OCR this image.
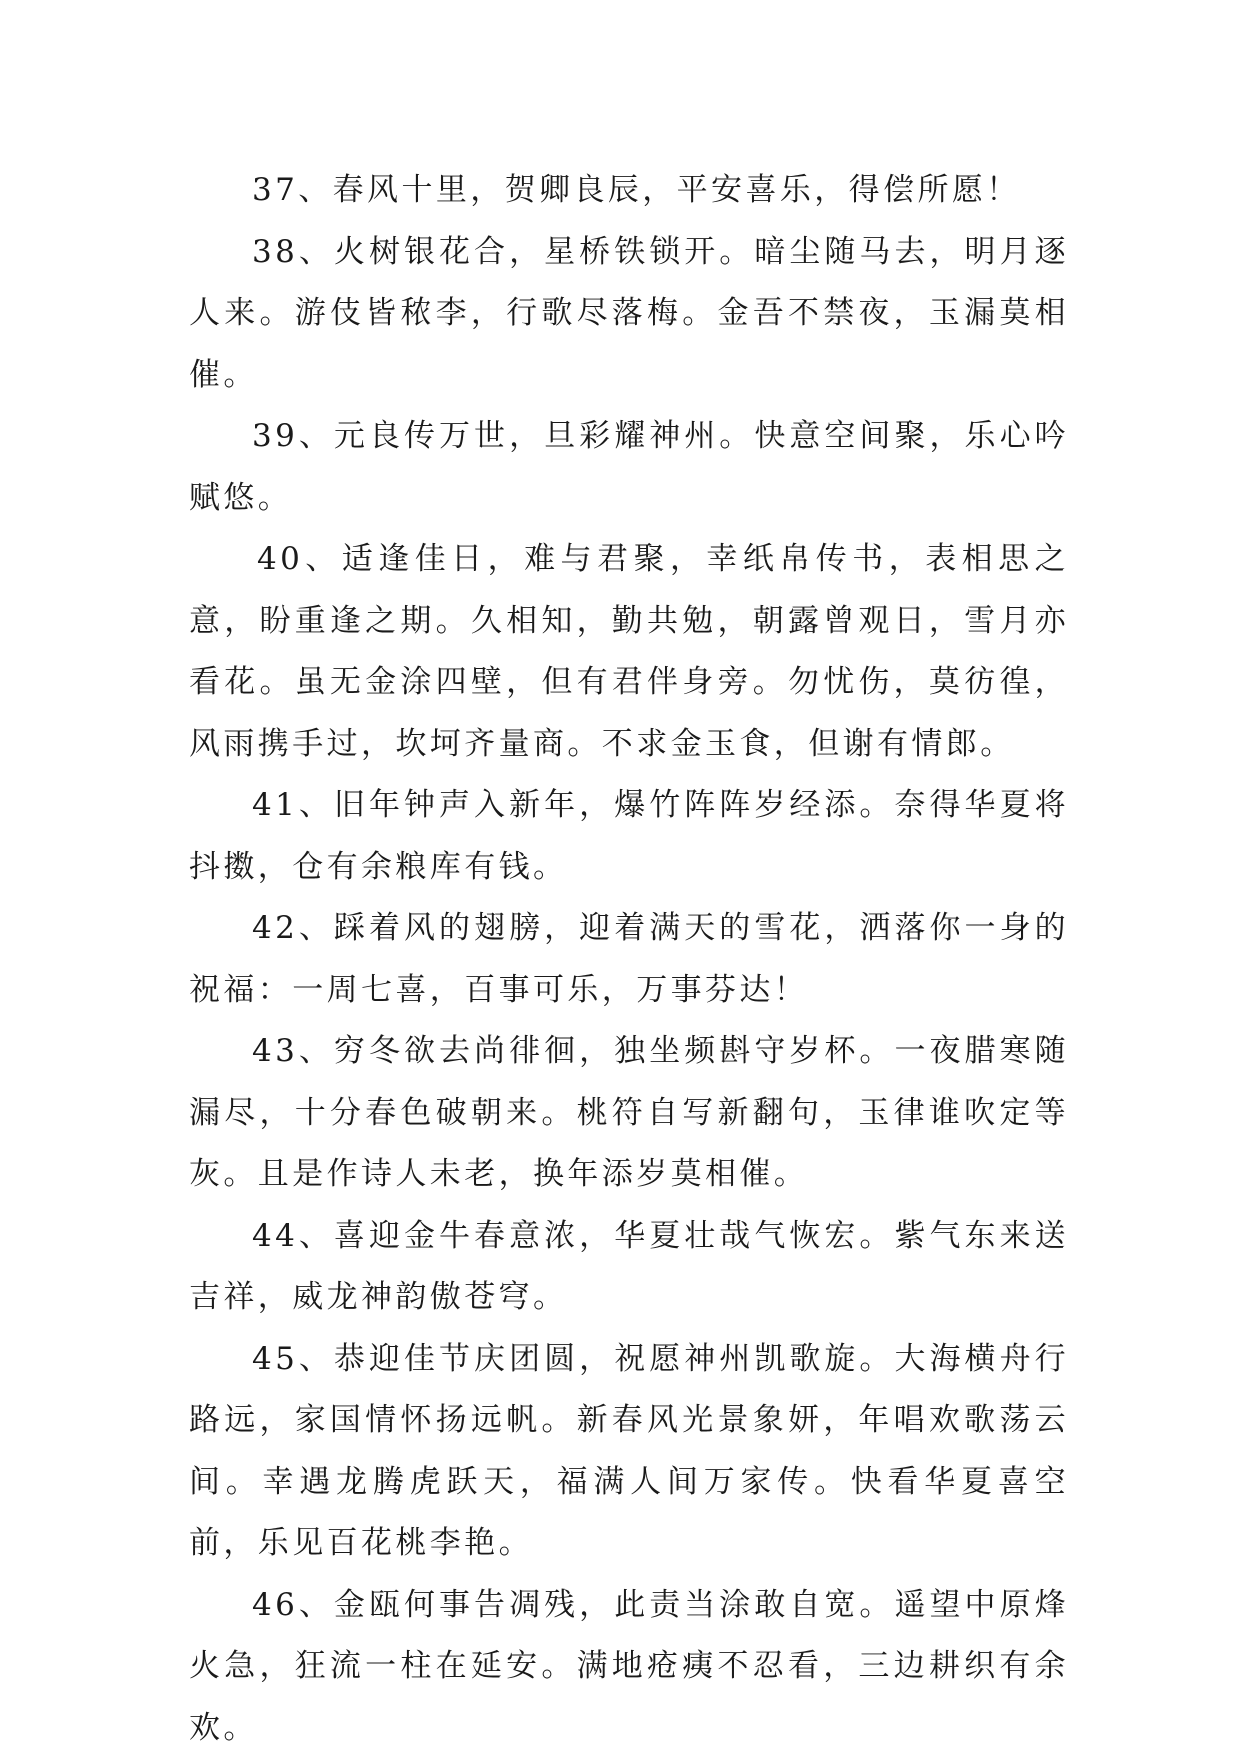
37、春风十里，贺卿良辰，平安喜乐，得偿所愿！

38、火树银花合，星桥铁锁开。暗尘随马去，明月逐人来。游伎皆秾李，行歌尽落梅。金吾不禁夜，玉漏莫相催。

39、元良传万世，旦彩耀神州。快意空间聚，乐心吟赋悠。

40、适逢佳日，难与君聚，幸纸帛传书，表相思之意，盼重逢之期。久相知，勤共勉，朝露曾观日，雪月亦看花。虽无金涂四壁，但有君伴身旁。勿忧伤，莫彷徨，风雨携手过，坎坷齐量商。不求金玉食，但谢有情郎。

41、旧年钟声入新年，爆竹阵阵岁经添。奈得华夏将抖擞，仓有余粮库有钱。

42、踩着风的翅膀，迎着满天的雪花，洒落你一身的祝福：一周七喜，百事可乐，万事芬达！

43、穷冬欲去尚徘徊，独坐频斟守岁杯。一夜腊寒随漏尽，十分春色破朝来。桃符自写新翻句，玉律谁吹定等灰。且是作诗人未老，换年添岁莫相催。

44、喜迎金牛春意浓，华夏壮哉气恢宏。紫气东来送吉祥，威龙神韵傲苍穹。

45、恭迎佳节庆团圆，祝愿神州凯歌旋。大海横舟行路远，家国情怀扬远帆。新春风光景象妍，年唱欢歌荡云间。幸遇龙腾虎跃天，福满人间万家传。快看华夏喜空前，乐见百花桃李艳。

46、金瓯何事告凋残，此责当涂敢自宽。遥望中原烽火急，狂流一柱在延安。满地疮痍不忍看，三边耕织有余欢。
